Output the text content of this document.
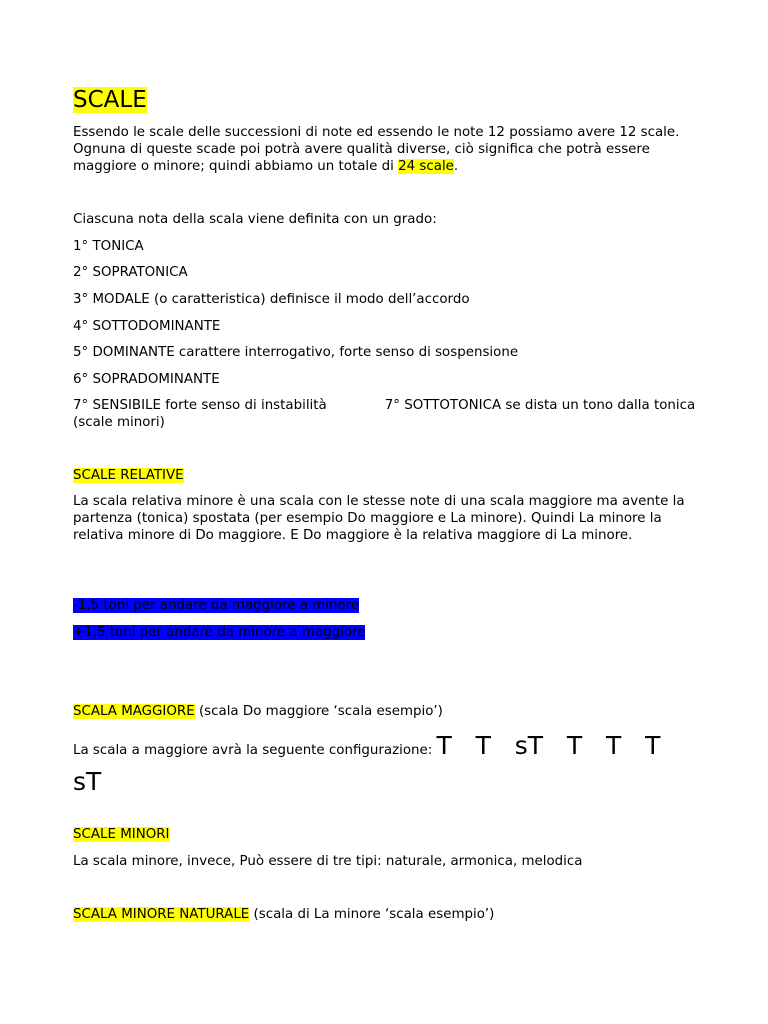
SCALE

Essendo le scale delle successioni di note ed essendo le note 12 possiamo avere 12 scale. Ognuna di queste scade poi potrà avere qualità diverse, ciò significa che potrà essere maggiore o minore; quindi abbiamo un totale di 24 scale.

Ciascuna nota della scala viene definita con un grado:

1° TONICA

2° SOPRATONICA

3° MODALE (o caratteristica) definisce il modo dell’accordo

4° SOTTODOMINANTE

5° DOMINANTE carattere interrogativo, forte senso di sospensione

6° SOPRADOMINANTE

7° SENSIBILE forte senso di instabilità	7° SOTTOTONICA se dista un tono dalla tonica (scale minori)

SCALE RELATIVE

La scala relativa minore è una scala con le stesse note di una scala maggiore ma avente la partenza (tonica) spostata (per esempio Do maggiore e La minore). Quindi La minore la relativa minore di Do maggiore. E Do maggiore è la relativa maggiore di La minore.

-1,5 toni per andare da maggiore a minore

+1,5 toni per andare da minore a maggiore

SCALA MAGGIORE (scala Do maggiore ‘scala esempio’)

La scala a maggiore avrà la seguente configurazione: T   T   sT   T   T   T   sT

SCALE MINORI

La scala minore, invece, Può essere di tre tipi: naturale, armonica, melodica

SCALA MINORE NATURALE (scala di La minore ‘scala esempio’)
